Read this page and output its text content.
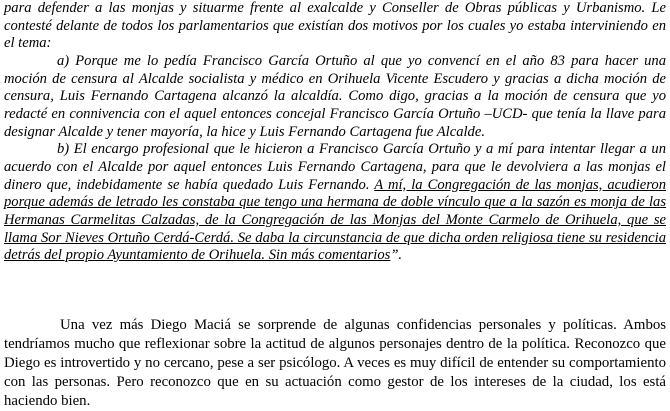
para defender a las monjas y situarme frente al exalcalde y Conseller de Obras públicas y Urbanismo. Le contesté delante de todos los parlamentarios que existían dos motivos por los cuales yo estaba interviniendo en el tema:

a) Porque me lo pedía Francisco García Ortuño al que yo convencí en el año 83 para hacer una moción de censura al Alcalde socialista y médico en Orihuela Vicente Escudero y gracias a dicha moción de censura, Luis Fernando Cartagena alcanzó la alcaldía. Como digo, gracias a la moción de censura que yo redacté en connivencia con el aquel entonces concejal Francisco García Ortuño –UCD- que tenía la llave para designar Alcalde y tener mayoría, la hice y Luis Fernando Cartagena fue Alcalde.

b) El encargo profesional que le hicieron a Francisco García Ortuño y a mí para intentar llegar a un acuerdo con el Alcalde por aquel entonces Luis Fernando Cartagena, para que le devolviera a las monjas el dinero que, indebidamente se había quedado Luis Fernando. A mí, la Congregación de las monjas, acudieron porque además de letrado les constaba que tengo una hermana de doble vínculo que a la sazón es monja de las Hermanas Carmelitas Calzadas, de la Congregación de las Monjas del Monte Carmelo de Orihuela, que se llama Sor Nieves Ortuño Cerdá-Cerdá. Se daba la circunstancia de que dicha orden religiosa tiene su residencia detrás del propio Ayuntamiento de Orihuela. Sin más comentarios”.

Una vez más Diego Maciá se sorprende de algunas confidencias personales y políticas. Ambos tendríamos mucho que reflexionar sobre la actitud de algunos personajes dentro de la política. Reconozco que Diego es introvertido y no cercano, pese a ser psicólogo. A veces es muy difícil de entender su comportamiento con las personas. Pero reconozco que en su actuación como gestor de los intereses de la ciudad, los está haciendo bien.
